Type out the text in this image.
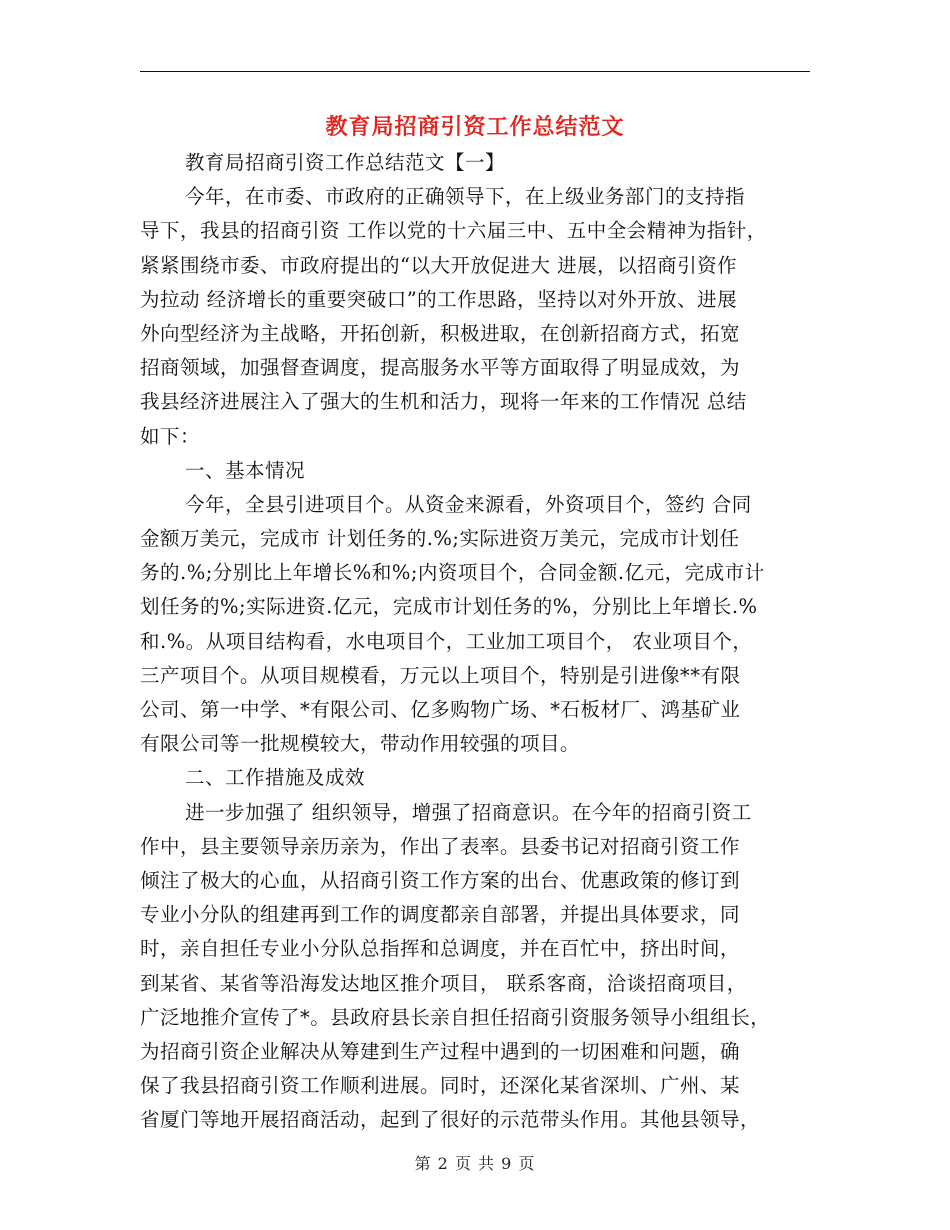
教育局招商引资工作总结范文
教育局招商引资工作总结范文【一】
今年，在市委、市政府的正确领导下，在上级业务部门的支持指
导下，我县的招商引资 工作以党的十六届三中、五中全会精神为指针，
紧紧围绕市委、市政府提出的“以大开放促进大 进展，以招商引资作
为拉动 经济增长的重要突破口”的工作思路，坚持以对外开放、进展
外向型经济为主战略，开拓创新，积极进取，在创新招商方式，拓宽
招商领域，加强督查调度，提高服务水平等方面取得了明显成效，为
我县经济进展注入了强大的生机和活力，现将一年来的工作情况 总结
如下：
一、基本情况
今年，全县引进项目个。从资金来源看，外资项目个，签约 合同
金额万美元，完成市 计划任务的.%;实际进资万美元，完成市计划任
务的.%;分别比上年增长%和%;内资项目个，合同金额.亿元，完成市计
划任务的%;实际进资.亿元，完成市计划任务的%，分别比上年增长.%
和.%。从项目结构看，水电项目个，工业加工项目个， 农业项目个，
三产项目个。从项目规模看，万元以上项目个，特别是引进像**有限
公司、第一中学、*有限公司、亿多购物广场、*石板材厂、鸿基矿业
有限公司等一批规模较大，带动作用较强的项目。
二、工作措施及成效
进一步加强了 组织领导，增强了招商意识。在今年的招商引资工
作中，县主要领导亲历亲为，作出了表率。县委书记对招商引资工作
倾注了极大的心血，从招商引资工作方案的出台、优惠政策的修订到
专业小分队的组建再到工作的调度都亲自部署，并提出具体要求，同
时，亲自担任专业小分队总指挥和总调度，并在百忙中，挤出时间，
到某省、某省等沿海发达地区推介项目， 联系客商，洽谈招商项目，
广泛地推介宣传了*。县政府县长亲自担任招商引资服务领导小组组长，
为招商引资企业解决从筹建到生产过程中遇到的一切困难和问题，确
保了我县招商引资工作顺利进展。同时，还深化某省深圳、广州、某
省厦门等地开展招商活动，起到了很好的示范带头作用。其他县领导，
第 2 页 共 9 页
